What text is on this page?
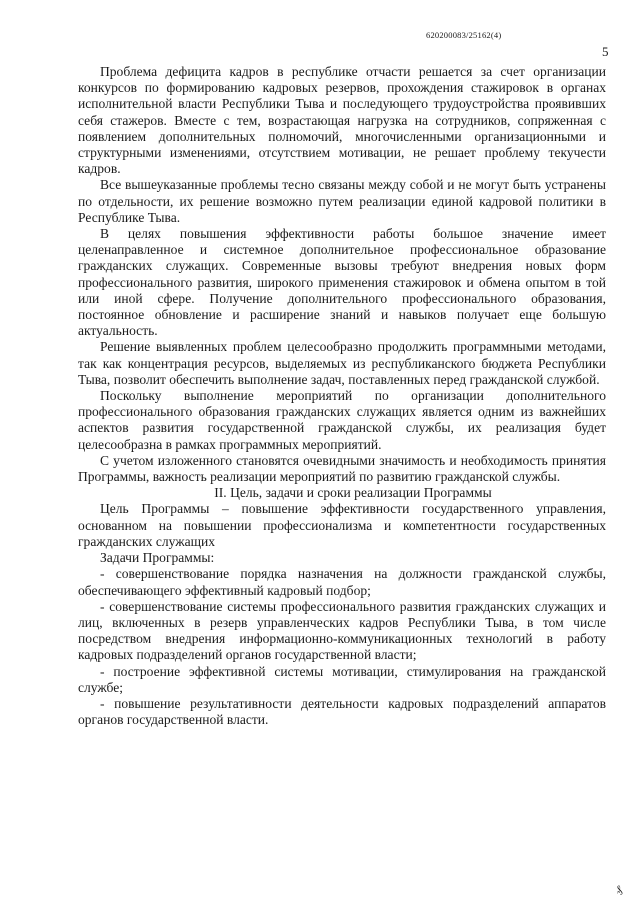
620200083/25162(4)
5

Проблема дефицита кадров в республике отчасти решается за счет организации конкурсов по формированию кадровых резервов, прохождения стажировок в органах исполнительной власти Республики Тыва и последующего трудоустройства проявивших себя стажеров. Вместе с тем, возрастающая нагрузка на сотрудников, сопряженная с появлением дополнительных полномочий, многочисленными организационными и структурными изменениями, отсутствием мотивации, не решает проблему текучести кадров.

Все вышеуказанные проблемы тесно связаны между собой и не могут быть устранены по отдельности, их решение возможно путем реализации единой кадровой политики в Республике Тыва.

В целях повышения эффективности работы большое значение имеет целенаправленное и системное дополнительное профессиональное образование гражданских служащих. Современные вызовы требуют внедрения новых форм профессионального развития, широкого применения стажировок и обмена опытом в той или иной сфере. Получение дополнительного профессионального образования, постоянное обновление и расширение знаний и навыков получает еще большую актуальность.

Решение выявленных проблем целесообразно продолжить программными методами, так как концентрация ресурсов, выделяемых из республиканского бюджета Республики Тыва, позволит обеспечить выполнение задач, поставленных перед гражданской службой.

Поскольку выполнение мероприятий по организации дополнительного профессионального образования гражданских служащих является одним из важнейших аспектов развития государственной гражданской службы, их реализация будет целесообразна в рамках программных мероприятий.

С учетом изложенного становятся очевидными значимость и необходимость принятия Программы, важность реализации мероприятий по развитию гражданской службы.

II. Цель, задачи и сроки реализации Программы

Цель Программы – повышение эффективности государственного управления, основанном на повышении профессионализма и компетентности государственных гражданских служащих

Задачи Программы:

- совершенствование порядка назначения на должности гражданской службы, обеспечивающего эффективный кадровый подбор;

- совершенствование системы профессионального развития гражданских служащих и лиц, включенных в резерв управленческих кадров Республики Тыва, в том числе посредством внедрения информационно-коммуникационных технологий в работу кадровых подразделений органов государственной власти;

- построение эффективной системы мотивации, стимулирования на гражданской службе;

- повышение результативности деятельности кадровых подразделений аппаратов органов государственной власти.

₰
